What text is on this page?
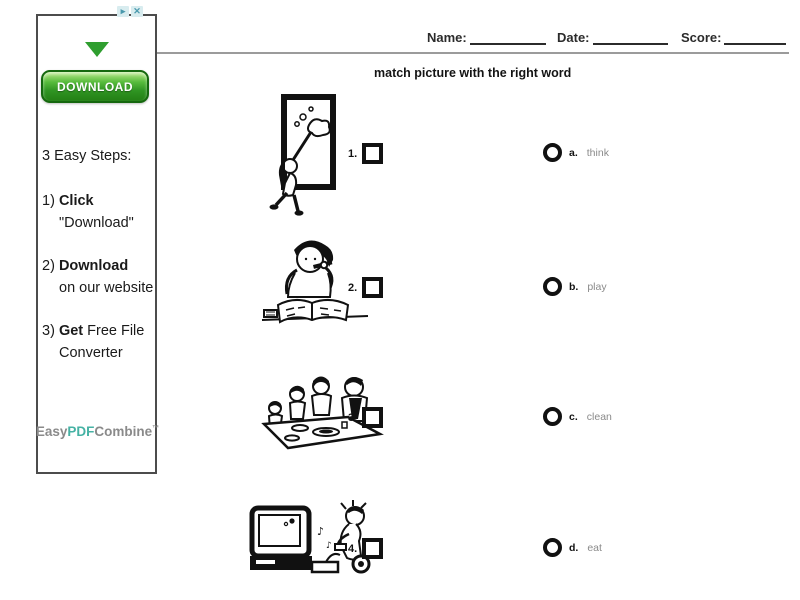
▸ ✕
DOWNLOAD
3 Easy Steps:
1) Click
"Download"
2) Download
on our website
3) Get Free File
Converter
Easy PDF Combine ™
Name:	Date:	Score:
match picture with the right word
♪
♪
1.
2.
3.
4.
a. think
b. play
c. clean
d. eat
